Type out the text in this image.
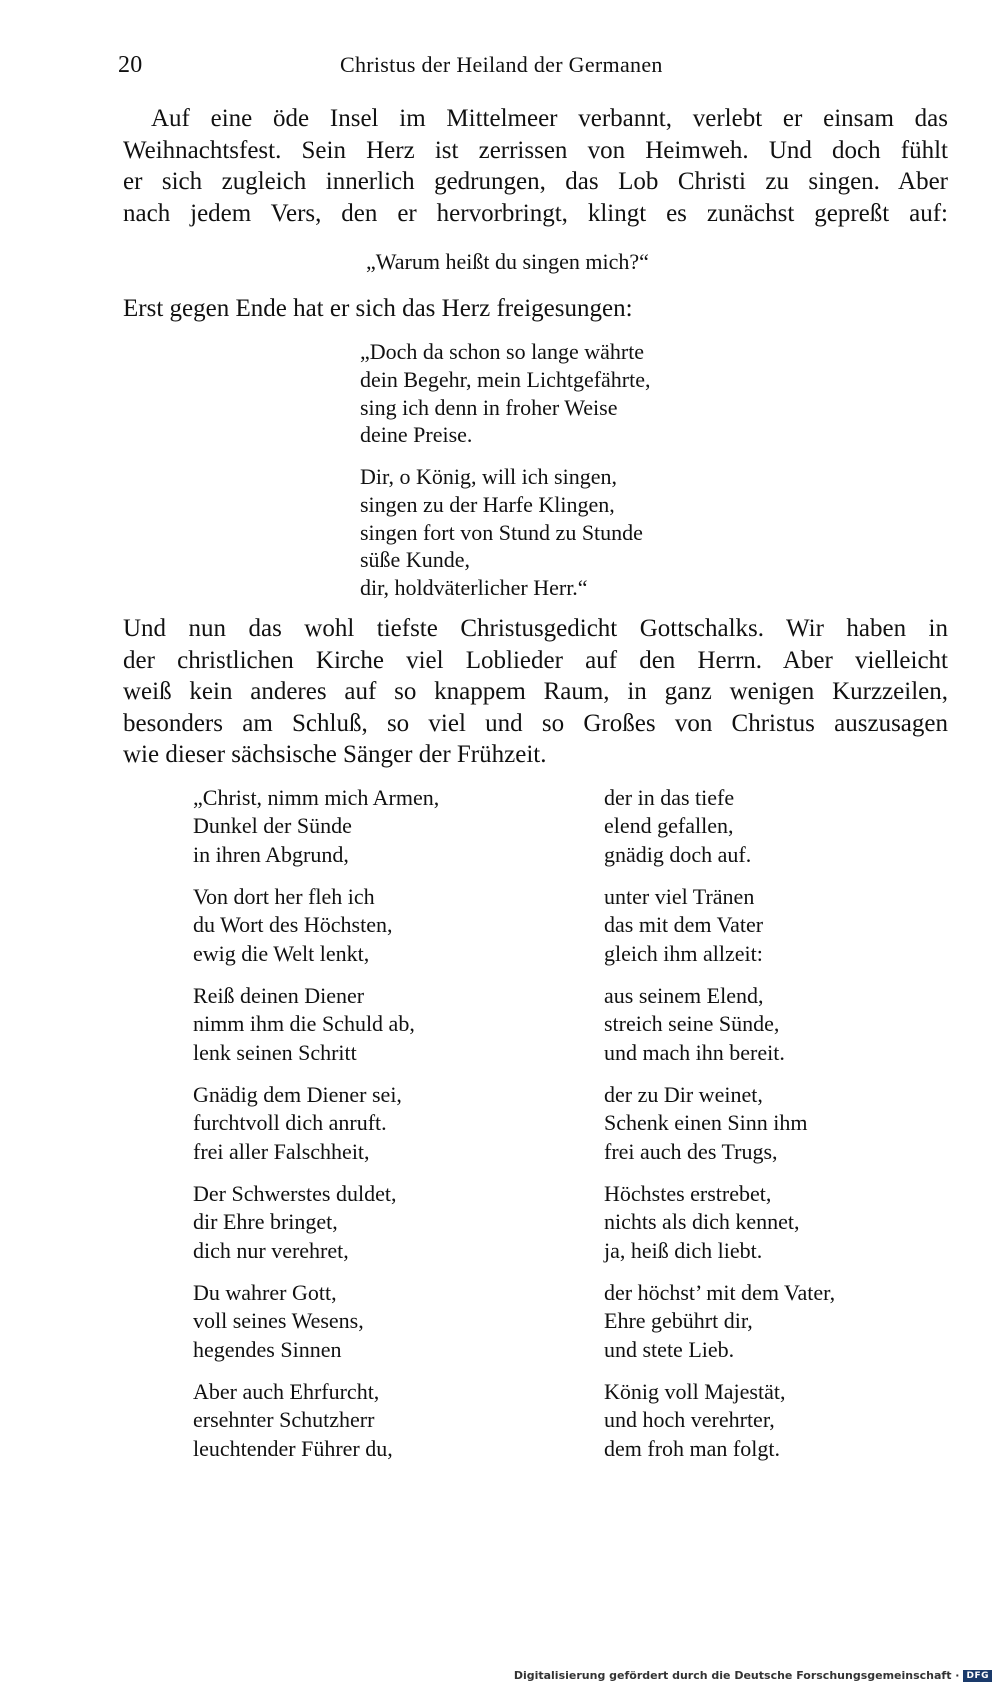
20	Christus der Heiland der Germanen
Auf eine öde Insel im Mittelmeer verbannt, verlebt er einsam das
Weihnachtsfest. Sein Herz ist zerrissen von Heimweh. Und doch fühlt
er sich zugleich innerlich gedrungen, das Lob Christi zu singen. Aber
nach jedem Vers, den er hervorbringt, klingt es zunächst gepreßt auf:
„Warum heißt du singen mich?“
Erst gegen Ende hat er sich das Herz freigesungen:
„Doch da schon so lange währte
dein Begehr, mein Lichtgefährte,
sing ich denn in froher Weise
deine Preise.
Dir, o König, will ich singen,
singen zu der Harfe Klingen,
singen fort von Stund zu Stunde
süße Kunde,
dir, holdväterlicher Herr.“
Und nun das wohl tiefste Christusgedicht Gottschalks. Wir haben in
der christlichen Kirche viel Loblieder auf den Herrn. Aber vielleicht
weiß kein anderes auf so knappem Raum, in ganz wenigen Kurzzeilen,
besonders am Schluß, so viel und so Großes von Christus auszusagen
wie dieser sächsische Sänger der Frühzeit.
„Christ, nimm mich Armen,
Dunkel der Sünde
in ihren Abgrund,
Von dort her fleh ich
du Wort des Höchsten,
ewig die Welt lenkt,
Reiß deinen Diener
nimm ihm die Schuld ab,
lenk seinen Schritt
Gnädig dem Diener sei,
furchtvoll dich anruft.
frei aller Falschheit,
Der Schwerstes duldet,
dir Ehre bringet,
dich nur verehret,
Du wahrer Gott,
voll seines Wesens,
hegendes Sinnen
Aber auch Ehrfurcht,
ersehnter Schutzherr
leuchtender Führer du,
der in das tiefe
elend gefallen,
gnädig doch auf.
unter viel Tränen
das mit dem Vater
gleich ihm allzeit:
aus seinem Elend,
streich seine Sünde,
und mach ihn bereit.
der zu Dir weinet,
Schenk einen Sinn ihm
frei auch des Trugs,
Höchstes erstrebet,
nichts als dich kennet,
ja, heiß dich liebt.
der höchst’ mit dem Vater,
Ehre gebührt dir,
und stete Lieb.
König voll Majestät,
und hoch verehrter,
dem froh man folgt.
Digitalisierung gefördert durch die Deutsche Forschungsgemeinschaft · DFG
